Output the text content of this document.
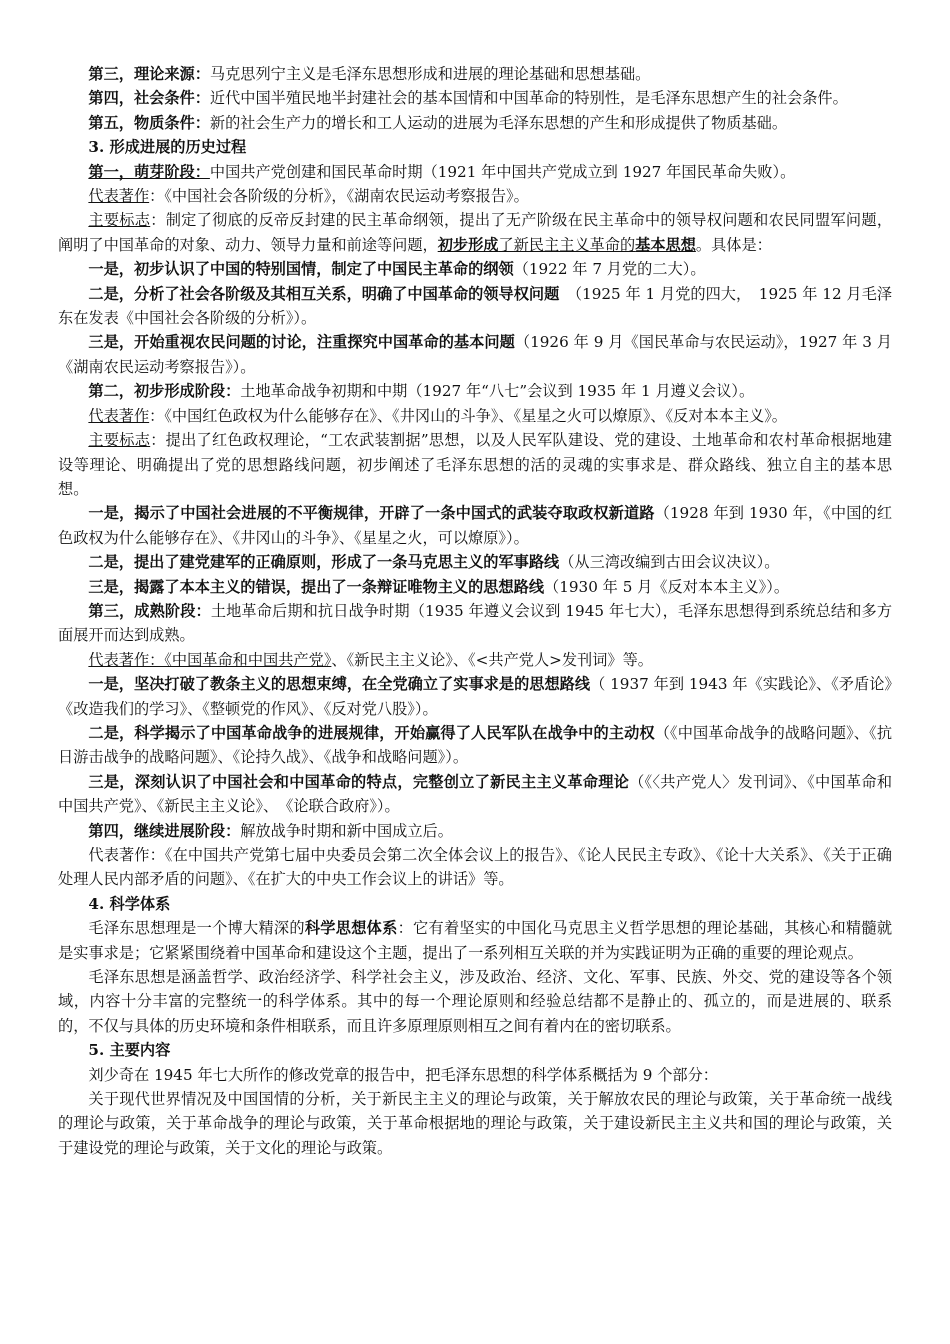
第三，理论来源：马克思列宁主义是毛泽东思想形成和进展的理论基础和思想基础。

第四，社会条件：近代中国半殖民地半封建社会的基本国情和中国革命的特别性，是毛泽东思想产生的社会条件。

第五，物质条件：新的社会生产力的增长和工人运动的进展为毛泽东思想的产生和形成提供了物质基础。

3. 形成进展的历史过程

第一，萌芽阶段：中国共产党创建和国民革命时期（1921 年中国共产党成立到 1927 年国民革命失败）。

代表著作：《中国社会各阶级的分析》，《湖南农民运动考察报告》。

主要标志：制定了彻底的反帝反封建的民主革命纲领，提出了无产阶级在民主革命中的领导权问题和农民同盟军问题，阐明了中国革命的对象、动力、领导力量和前途等问题，初步形成了新民主主义革命的基本思想。具体是：

一是，初步认识了中国的特别国情，制定了中国民主革命的纲领（1922 年 7 月党的二大）。

二是，分析了社会各阶级及其相互关系，明确了中国革命的领导权问题　（1925 年 1 月党的四大，　1925 年 12 月毛泽东在发表《中国社会各阶级的分析》）。

三是，开始重视农民问题的讨论，注重探究中国革命的基本问题（1926 年 9 月《国民革命与农民运动》，1927 年 3 月《湖南农民运动考察报告》）。

第二，初步形成阶段：土地革命战争初期和中期（1927 年“八七”会议到 1935 年 1 月遵义会议）。

代表著作：《中国红色政权为什么能够存在》、《井冈山的斗争》、《星星之火可以燎原》、《反对本本主义》。

主要标志：提出了红色政权理论，“工农武装割据”思想，以及人民军队建设、党的建设、土地革命和农村革命根据地建设等理论、明确提出了党的思想路线问题，初步阐述了毛泽东思想的活的灵魂的实事求是、群众路线、独立自主的基本思想。

一是，揭示了中国社会进展的不平衡规律，开辟了一条中国式的武装夺取政权新道路（1928 年到 1930 年，《中国的红色政权为什么能够存在》、《井冈山的斗争》、《星星之火，可以燎原》）。

二是，提出了建党建军的正确原则，形成了一条马克思主义的军事路线（从三湾改编到古田会议决议）。

三是，揭露了本本主义的错误，提出了一条辩证唯物主义的思想路线（1930 年 5 月《反对本本主义》）。

第三，成熟阶段：土地革命后期和抗日战争时期（1935 年遵义会议到 1945 年七大），毛泽东思想得到系统总结和多方面展开而达到成熟。

代表著作：《中国革命和中国共产党》、《新民主主义论》、《<共产党人>发刊词》等。

一是，坚决打破了教条主义的思想束缚，在全党确立了实事求是的思想路线（ 1937 年到 1943 年《实践论》、《矛盾论》　《改造我们的学习》、《整顿党的作风》、《反对党八股》）。

二是，科学揭示了中国革命战争的进展规律，开始赢得了人民军队在战争中的主动权（《中国革命战争的战略问题》、《抗日游击战争的战略问题》、《论持久战》、《战争和战略问题》）。

三是，深刻认识了中国社会和中国革命的特点，完整创立了新民主主义革命理论（《〈共产党人〉发刊词》、《中国革命和中国共产党》、《新民主主义论》、　《论联合政府》）。

第四，继续进展阶段：解放战争时期和新中国成立后。

代表著作：《在中国共产党第七届中央委员会第二次全体会议上的报告》、《论人民民主专政》、《论十大关系》、《关于正确处理人民内部矛盾的问题》、《在扩大的中央工作会议上的讲话》等。

4. 科学体系

毛泽东思想理是一个博大精深的科学思想体系：它有着坚实的中国化马克思主义哲学思想的理论基础，其核心和精髓就是实事求是；它紧紧围绕着中国革命和建设这个主题，提出了一系列相互关联的并为实践证明为正确的重要的理论观点。

毛泽东思想是涵盖哲学、政治经济学、科学社会主义，涉及政治、经济、文化、军事、民族、外交、党的建设等各个领域，内容十分丰富的完整统一的科学体系。其中的每一个理论原则和经验总结都不是静止的、孤立的，而是进展的、联系的，不仅与具体的历史环境和条件相联系，而且许多原理原则相互之间有着内在的密切联系。

5. 主要内容

刘少奇在 1945 年七大所作的修改党章的报告中，把毛泽东思想的科学体系概括为 9 个部分：

关于现代世界情况及中国国情的分析，关于新民主主义的理论与政策，关于解放农民的理论与政策，关于革命统一战线的理论与政策，关于革命战争的理论与政策，关于革命根据地的理论与政策，关于建设新民主主义共和国的理论与政策，关于建设党的理论与政策，关于文化的理论与政策。
